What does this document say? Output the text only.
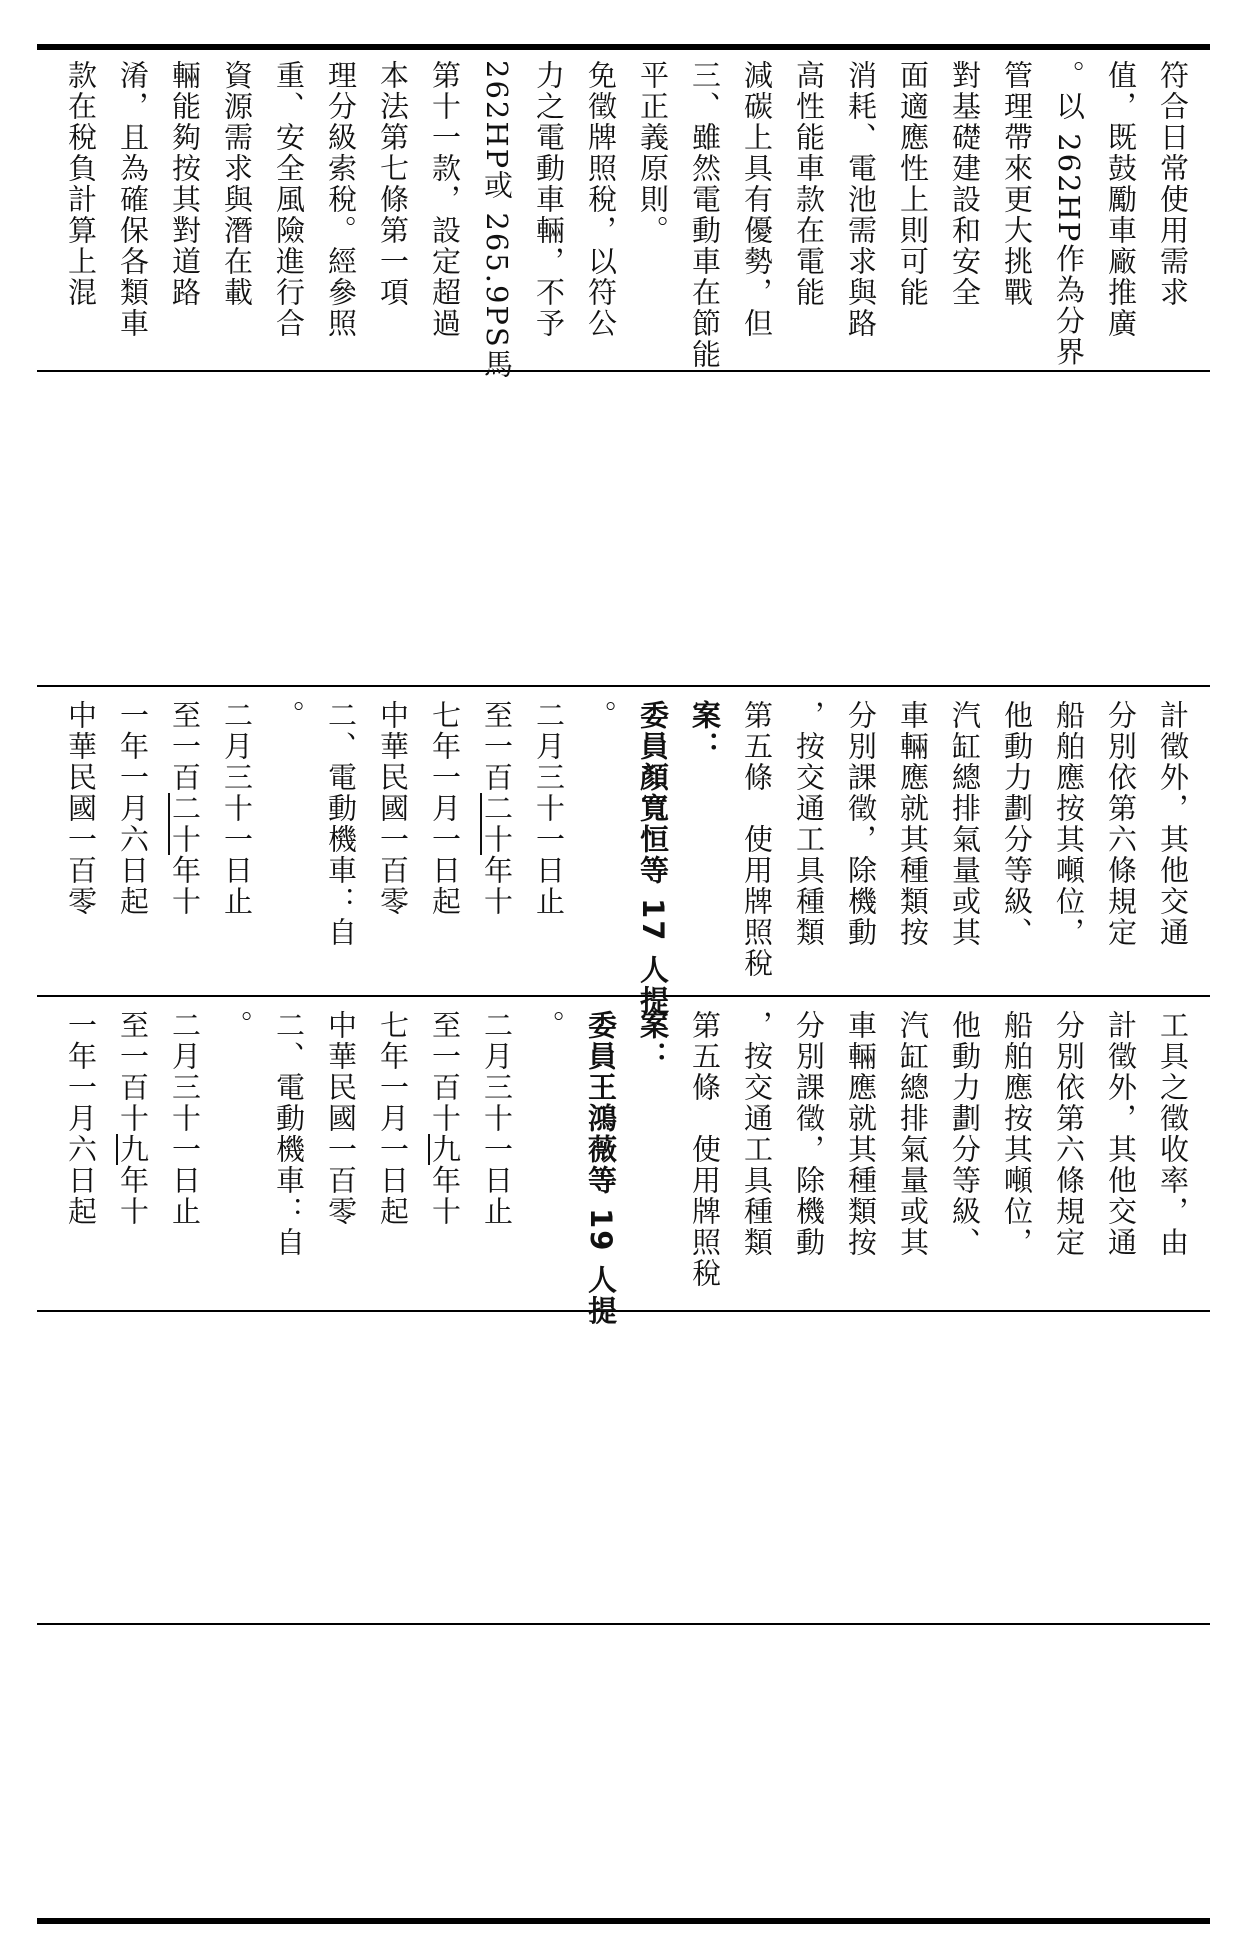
款在稅負計算上混 淆，且為確保各類車 輛能夠按其對道路 資源需求與潛在載 重、安全風險進行合 理分級索稅。經參照 本法第七條第一項 第十一款，設定超過 262HP或 265.9PS馬 力之電動車輛，不予 免徵牌照稅，以符公 平正義原則。 三、雖然電動車在節能 減碳上具有優勢，但 高性能車款在電能 消耗、電池需求與路 面適應性上則可能 對基礎建設和安全 管理帶來更大挑戰 。以 262HP作為分界 值，既鼓勵車廠推廣 符合日常使用需求
中華民國一百零 一年一月六日起 至一百二十年十 二月三十一日止 。 二、電動機車：自 中華民國一百零 七年一月一日起 至一百二十年十 二月三十一日止 。 委員顏寬恒等 17 人提 案： 第五條　使用牌照稅 ，按交通工具種類 分別課徵，除機動 車輛應就其種類按 汽缸總排氣量或其 他動力劃分等級、 船舶應按其噸位， 分別依第六條規定 計徵外，其他交通
一年一月六日起 至一百十九年十 二月三十一日止 。 二、電動機車：自 中華民國一百零 七年一月一日起 至一百十九年十 二月三十一日止 。 委員王鴻薇等 19 人提 案： 第五條　使用牌照稅 ，按交通工具種類 分別課徵，除機動 車輛應就其種類按 汽缸總排氣量或其 他動力劃分等級、 船舶應按其噸位， 分別依第六條規定 計徵外，其他交通 工具之徵收率，由
